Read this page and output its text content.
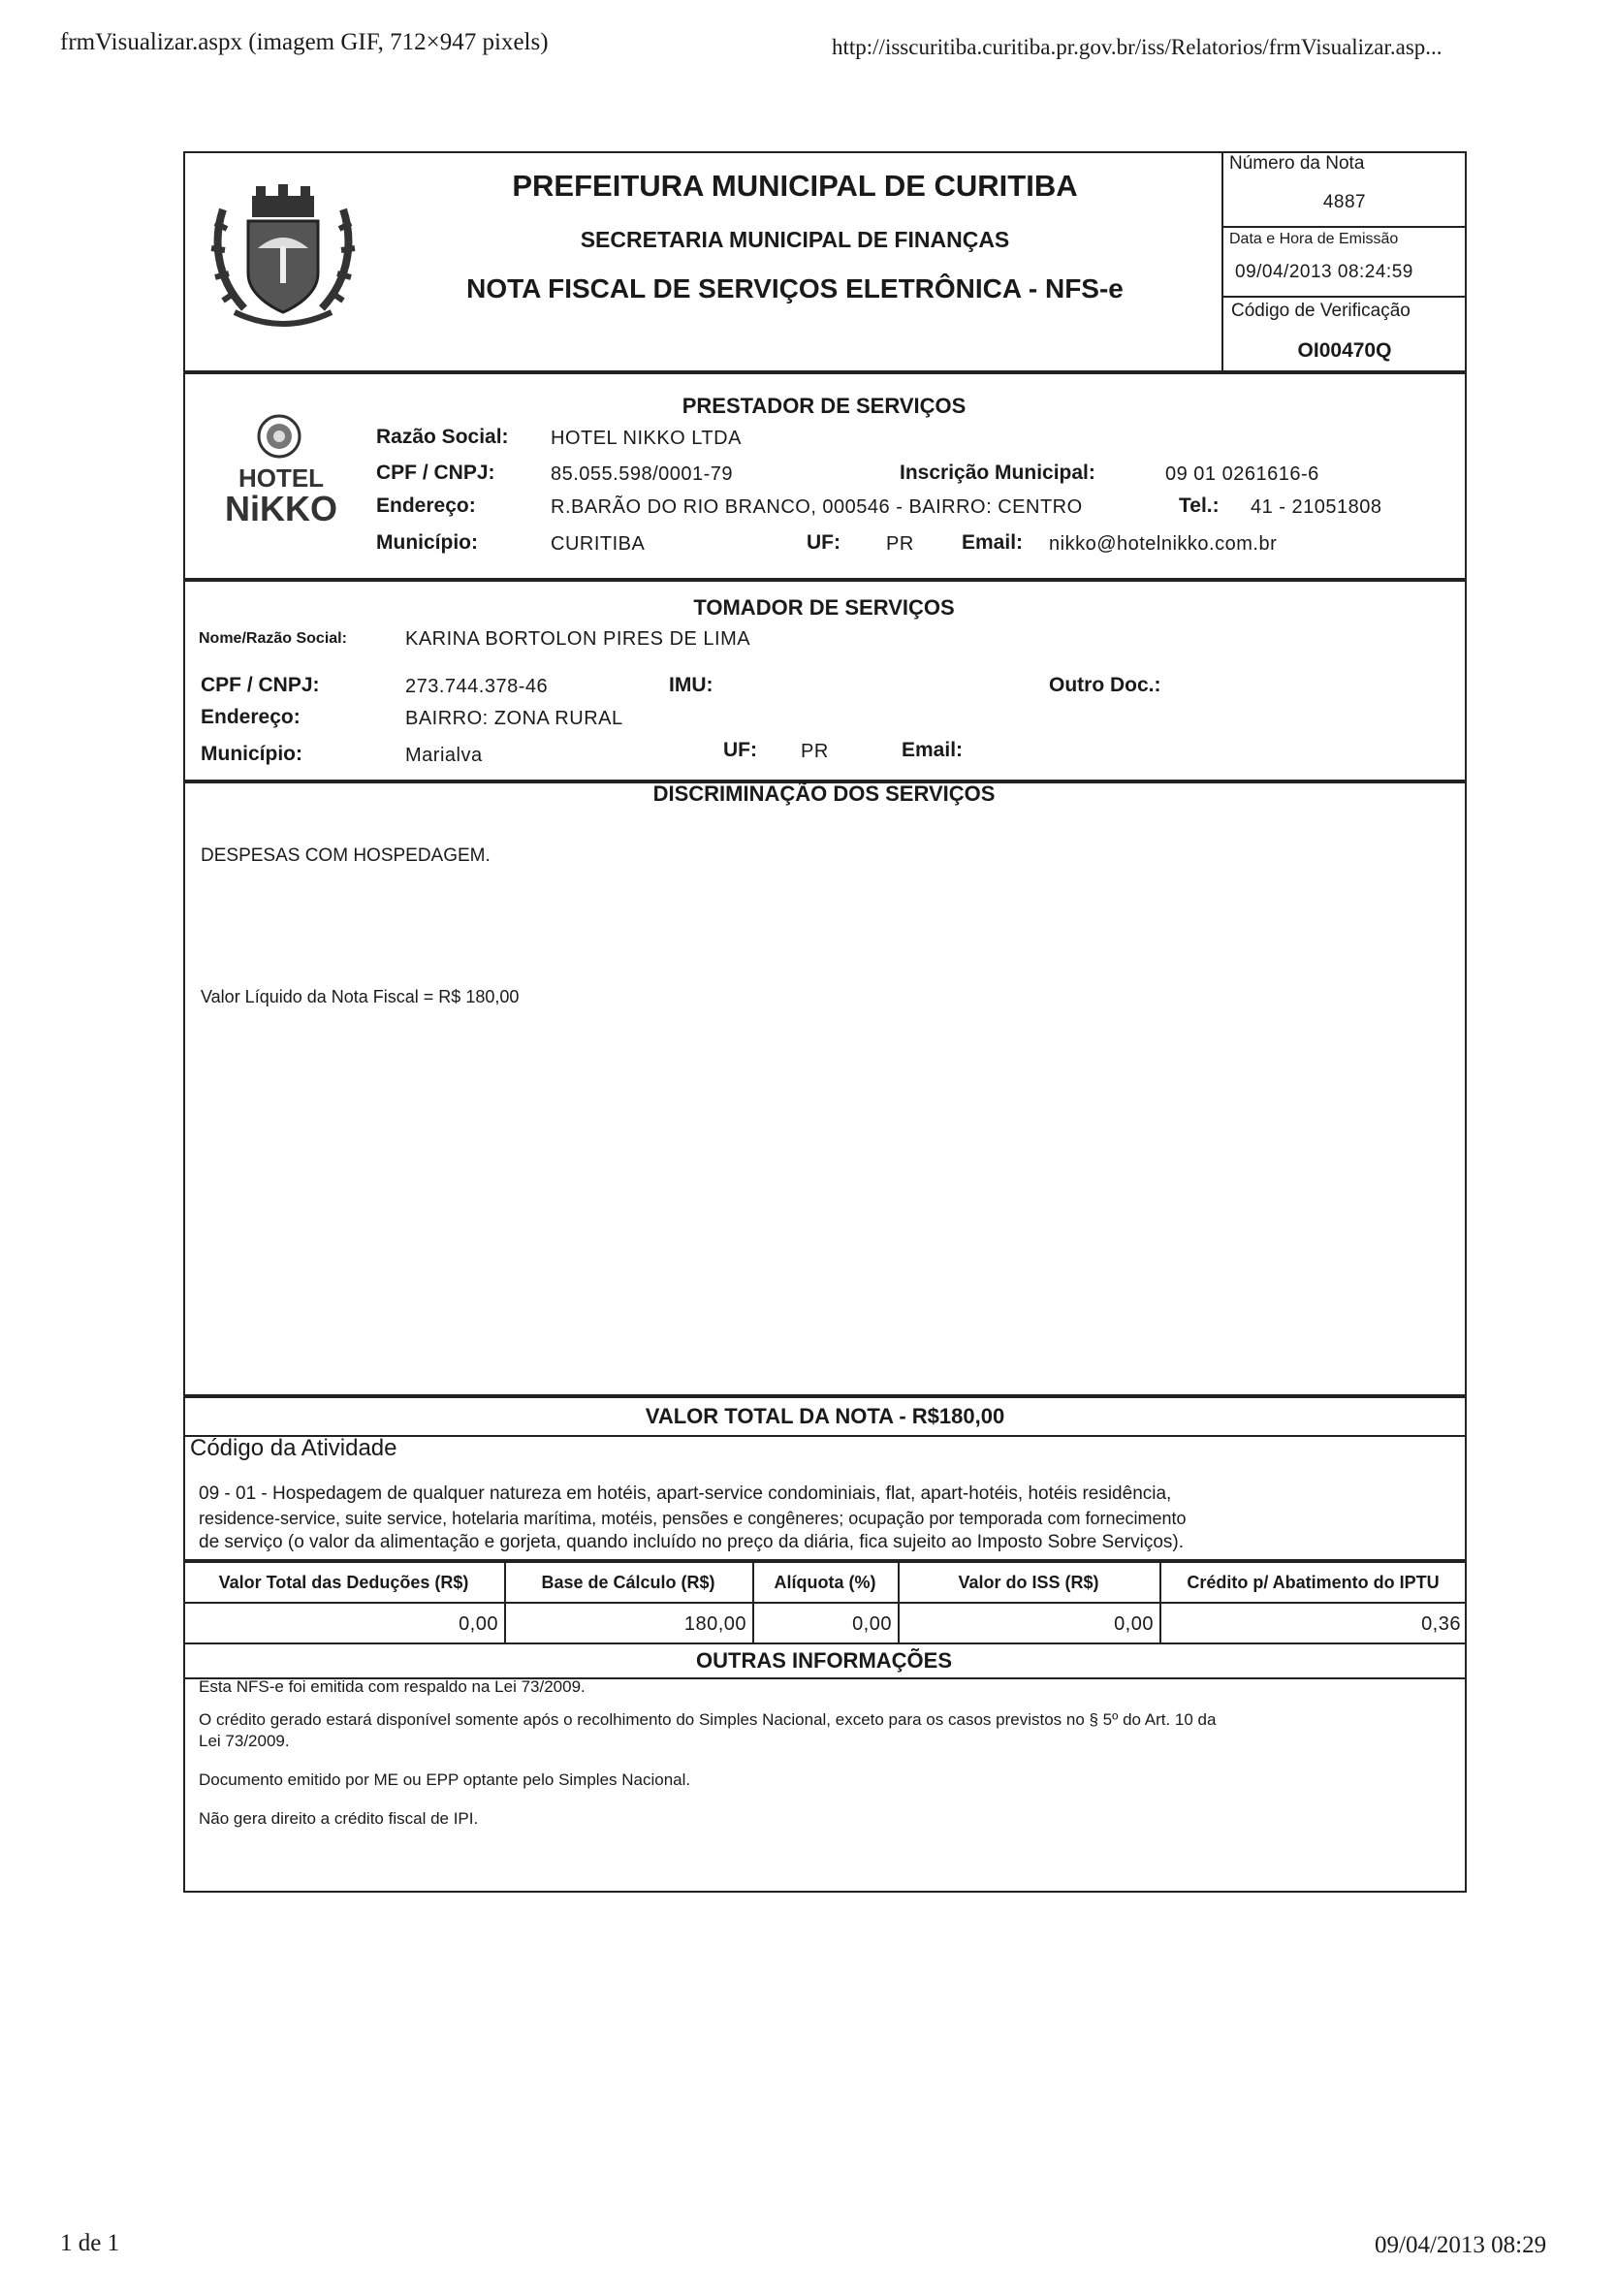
frmVisualizar.aspx (imagem GIF, 712×947 pixels)	http://isscuritiba.curitiba.pr.gov.br/iss/Relatorios/frmVisualizar.asp...
1 de 1	09/04/2013 08:29
PREFEITURA MUNICIPAL DE CURITIBA
SECRETARIA MUNICIPAL DE FINANÇAS
NOTA FISCAL DE SERVIÇOS ELETRÔNICA - NFS-e
Número da Nota
4887
Data e Hora de Emissão
09/04/2013 08:24:59
Código de Verificação
OI00470Q
HOTEL
NiKKO
PRESTADOR DE SERVIÇOS
Razão Social: HOTEL NIKKO LTDA
CPF / CNPJ:	85.055.598/0001-79	Inscrição Municipal:	09 01 0261616-6
Endereço:	R.BARÃO DO RIO BRANCO, 000546 - BAIRRO: CENTRO	Tel.: 41 - 21051808
Município:	CURITIBA	UF: PR Email: nikko@hotelnikko.com.br
TOMADOR DE SERVIÇOS
Nome/Razão Social:	KARINA BORTOLON PIRES DE LIMA
CPF / CNPJ:	273.744.378-46	IMU:	Outro Doc.:
Endereço:	BAIRRO: ZONA RURAL
Município:	Marialva	UF: PR	Email:
DISCRIMINAÇÃO DOS SERVIÇOS
DESPESAS COM HOSPEDAGEM.
Valor Líquido da Nota Fiscal = R$ 180,00
VALOR TOTAL DA NOTA - R$180,00
Código da Atividade
09 - 01 - Hospedagem de qualquer natureza em hotéis, apart-service condominiais, flat, apart-hotéis, hotéis residência,
residence-service, suite service, hotelaria marítima, motéis, pensões e congêneres; ocupação por temporada com fornecimento
de serviço (o valor da alimentação e gorjeta, quando incluído no preço da diária, fica sujeito ao Imposto Sobre Serviços).
Valor Total das Deduções (R$)	Base de Cálculo (R$)	Alíquota (%)	Valor do ISS (R$)	Crédito p/ Abatimento do IPTU
0,00	180,00	0,00	0,00	0,36
OUTRAS INFORMAÇÕES
Esta NFS-e foi emitida com respaldo na Lei 73/2009.
O crédito gerado estará disponível somente após o recolhimento do Simples Nacional, exceto para os casos previstos no § 5º do Art. 10 da
Lei 73/2009.
Documento emitido por ME ou EPP optante pelo Simples Nacional.
Não gera direito a crédito fiscal de IPI.
